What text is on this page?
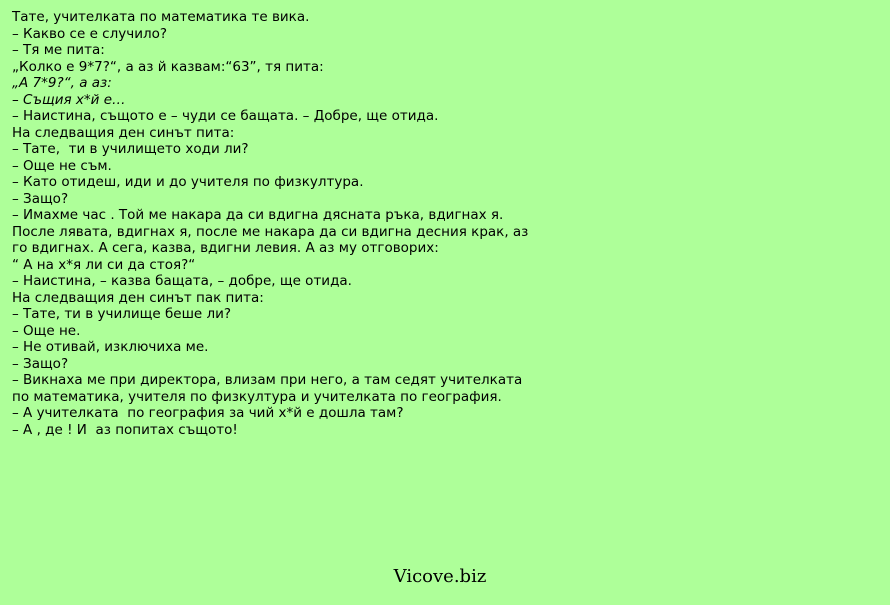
Тате, учителката по математика те вика.
– Какво се е случило?
– Тя ме пита:
„Колко е 9*7?“, а аз й казвам:“63”, тя пита:
„А 7*9?“, а аз:
– Същия х*й е…
– Наистина, същото е – чуди се бащата. – Добре, ще отида.
На следващия ден синът пита:
– Тате,  ти в училището ходи ли?
– Още не съм.
– Като отидеш, иди и до учителя по физкултура.
– Защо?
– Имахме час . Той ме накара да си вдигна дясната ръка, вдигнах я.
После лявата, вдигнах я, после ме накара да си вдигна десния крак, аз
го вдигнах. А сега, казва, вдигни левия. А аз му отговорих:
“ А на х*я ли си да стоя?“
– Наистина, – казва бащата, – добре, ще отида.
На следващия ден синът пак пита:
– Тате, ти в училище беше ли?
– Още не.
– Не отивай, изключиха ме.
– Защо?
– Викнаха ме при директора, влизам при него, а там седят учителката
по математика, учителя по физкултура и учителката по география.
– А учителката  по география за чий х*й е дошла там?
– А , де ! И  аз попитах същото!
Vicove.biz
